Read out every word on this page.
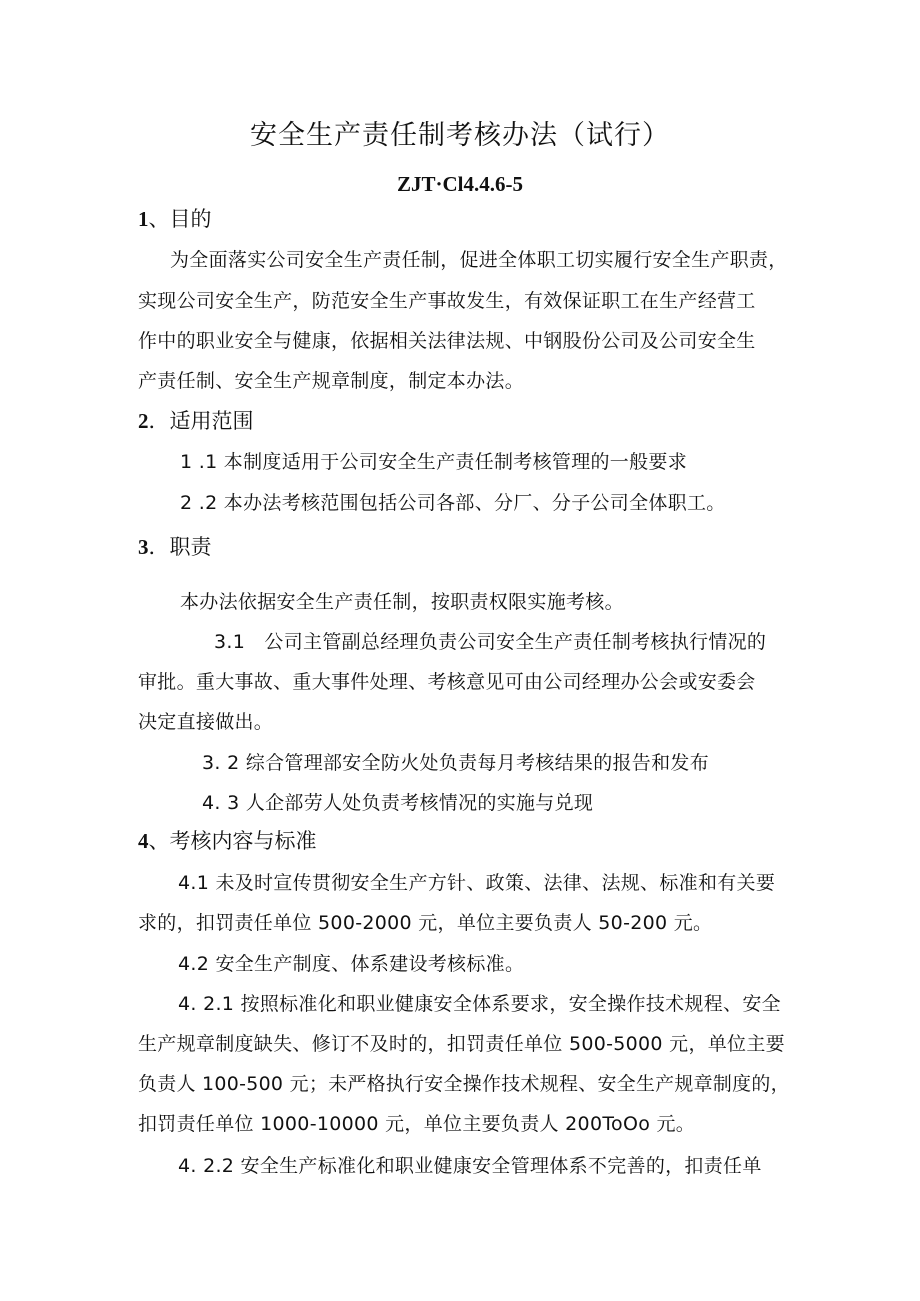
安全生产责任制考核办法（试行）
ZJT·Cl4.4.6-5
1、目的
为全面落实公司安全生产责任制，促进全体职工切实履行安全生产职责，
实现公司安全生产，防范安全生产事故发生，有效保证职工在生产经营工
作中的职业安全与健康，依据相关法律法规、中钢股份公司及公司安全生
产责任制、安全生产规章制度，制定本办法。
2．适用范围
1 .1 本制度适用于公司安全生产责任制考核管理的一般要求
2 .2 本办法考核范围包括公司各部、分厂、分子公司全体职工。
3．职责
本办法依据安全生产责任制，按职责权限实施考核。
3.1　公司主管副总经理负责公司安全生产责任制考核执行情况的
审批。重大事故、重大事件处理、考核意见可由公司经理办公会或安委会
决定直接做出。
3. 2 综合管理部安全防火处负责每月考核结果的报告和发布
4. 3 人企部劳人处负责考核情况的实施与兑现
4、考核内容与标准
4.1 未及时宣传贯彻安全生产方针、政策、法律、法规、标准和有关要
求的，扣罚责任单位 500-2000 元，单位主要负责人 50-200 元。
4.2 安全生产制度、体系建设考核标准。
4. 2.1 按照标准化和职业健康安全体系要求，安全操作技术规程、安全
生产规章制度缺失、修订不及时的，扣罚责任单位 500-5000 元，单位主要
负责人 100-500 元；未严格执行安全操作技术规程、安全生产规章制度的，
扣罚责任单位 1000-10000 元，单位主要负责人 200ToOo 元。
4. 2.2 安全生产标准化和职业健康安全管理体系不完善的，扣责任单
